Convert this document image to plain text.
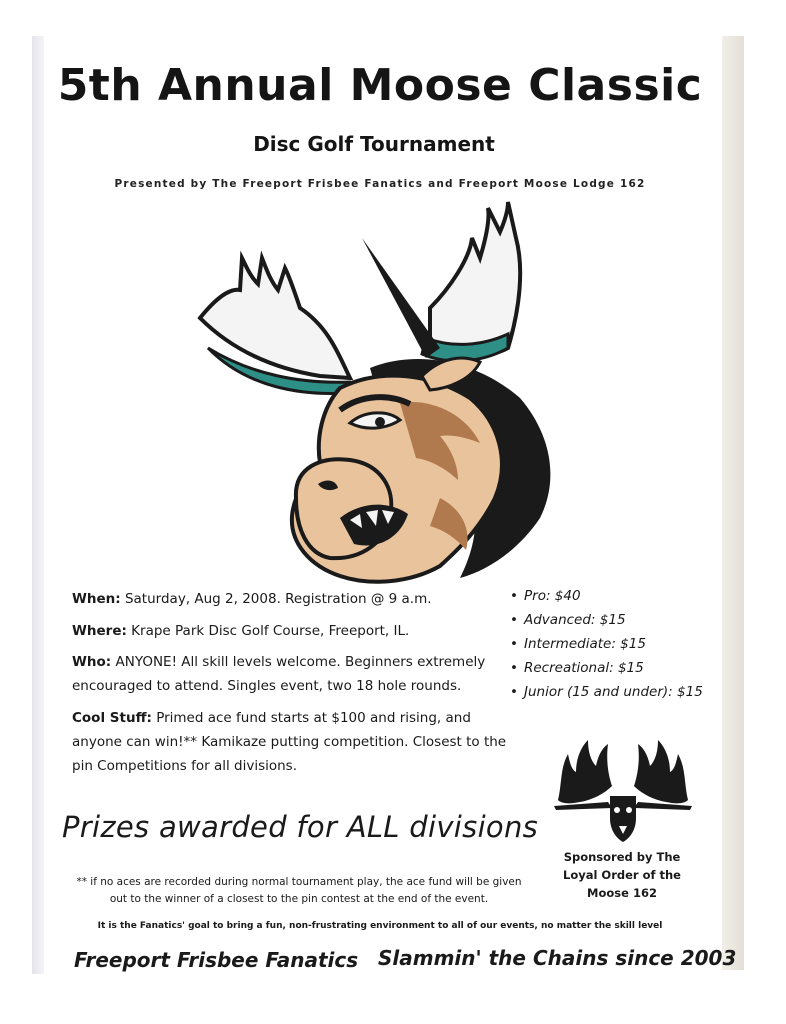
5th Annual Moose Classic
Disc Golf Tournament
Presented by The Freeport Frisbee Fanatics and Freeport Moose Lodge 162
When: Saturday, Aug 2, 2008. Registration @ 9 a.m.
Where: Krape Park Disc Golf Course, Freeport, IL.
Who: ANYONE! All skill levels welcome. Beginners extremely encouraged to attend. Singles event, two 18 hole rounds.
Cool Stuff: Primed ace fund starts at $100 and rising, and anyone can win!** Kamikaze putting competition. Closest to the pin Competitions for all divisions.
• Pro: $40
• Advanced: $15
• Intermediate: $15
• Recreational: $15
• Junior (15 and under): $15
Prizes awarded for ALL divisions
Sponsored by The Loyal Order of the Moose 162
** if no aces are recorded during normal tournament play, the ace fund will be given out to the winner of a closest to the pin contest at the end of the event.
It is the Fanatics' goal to bring a fun, non-frustrating environment to all of our events, no matter the skill level
Freeport Frisbee Fanatics Slammin' the Chains since 2003
